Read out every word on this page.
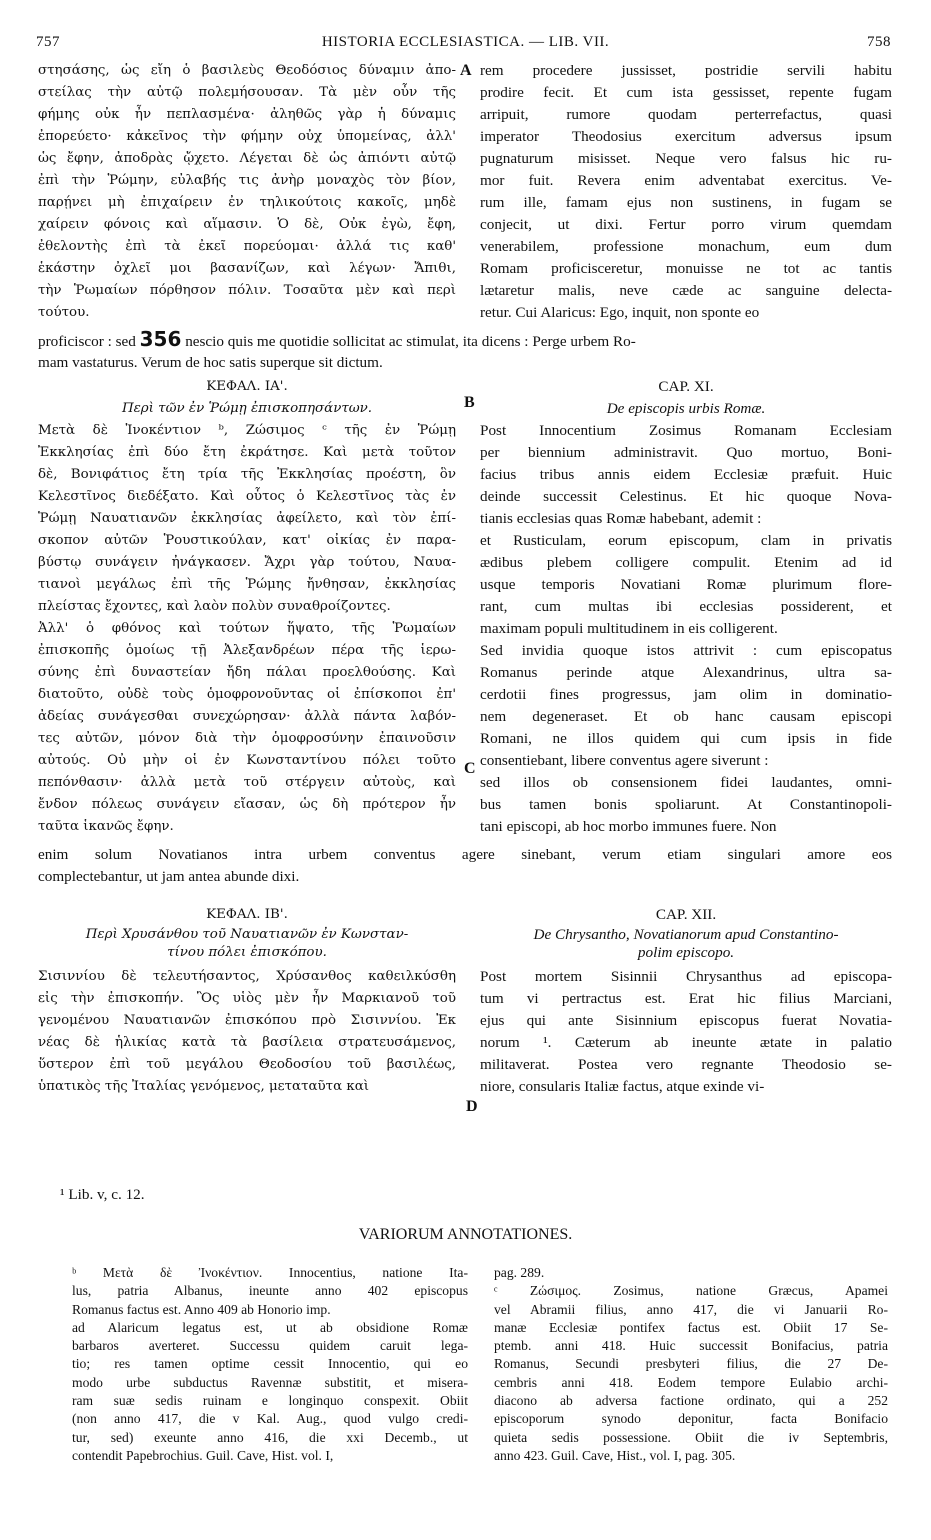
757	HISTORIA ECCLESIASTICA. — LIB. VII.	758
στησάσης, ὡς εἴη ὁ βασιλεὺς Θεοδόσιος δύναμιν ἀπο-
στείλας τὴν αὐτῷ πολεμήσουσαν. Τὰ μὲν οὖν τῆς
φήμης οὐκ ἦν πεπλασμένα· ἀληθῶς γὰρ ἡ δύναμις
ἐπορεύετο· κἀκεῖνος τὴν φήμην οὐχ ὑπομείνας, ἀλλ'
ὡς ἔφην, ἀποδρὰς ᾤχετο. Λέγεται δὲ ὡς ἀπιόντι αὐτῷ
ἐπὶ τὴν Ῥώμην, εὐλαβής τις ἀνὴρ μοναχὸς τὸν βίον,
παρῄνει μὴ ἐπιχαίρειν ἐν τηλικούτοις κακοῖς, μηδὲ
χαίρειν φόνοις καὶ αἵμασιν. Ὁ δὲ, Οὐκ ἐγὼ, ἔφη,
ἐθελοντὴς ἐπὶ τὰ ἐκεῖ πορεύομαι· ἀλλά τις καθ'
ἑκάστην ὀχλεῖ μοι βασανίζων, καὶ λέγων· Ἄπιθι,
τὴν Ῥωμαίων πόρθησον πόλιν. Τοσαῦτα μὲν καὶ περὶ
τούτου.
A rem procedere jussisset, postridie servili habitu
prodire fecit. Et cum ista gessisset, repente fugam
arripuit, rumore quodam perterrefactus, quasi
imperator Theodosius exercitum adversus ipsum
pugnaturum misisset. Neque vero falsus hic ru-
mor fuit. Revera enim adventabat exercitus. Ve-
rum ille, famam ejus non sustinens, in fugam se
conjecit, ut dixi. Fertur porro virum quemdam
venerabilem, professione monachum, eum dum
Romam proficisceretur, monuisse ne tot ac tantis
lætaretur malis, neve cæde ac sanguine delecta-
retur. Cui Alaricus: Ego, inquit, non sponte eo
proficiscor : sed 356 nescio quis me quotidie sollicitat ac stimulat, ita dicens : Perge urbem Ro-
mam vastaturus. Verum de hoc satis superque sit dictum.
ΚΕΦΑΛ. ΙΑ'.
Περὶ τῶν ἐν Ῥώμῃ ἐπισκοπησάντων.	B
CAP. XI.
De episcopis urbis Romæ.
Μετὰ δὲ Ἰνοκέντιον ᵇ, Ζώσιμος ᶜ τῆς ἐν Ῥώμῃ
Ἐκκλησίας ἐπὶ δύο ἔτη ἐκράτησε. Καὶ μετὰ τοῦτον
δὲ, Βονιφάτιος ἔτη τρία τῆς Ἐκκλησίας προέστη, ὃν
Κελεστῖνος διεδέξατο. Καὶ οὗτος ὁ Κελεστῖνος τὰς ἐν
Ῥώμῃ Ναυατιανῶν ἐκκλησίας ἀφείλετο, καὶ τὸν ἐπί-
σκοπον αὐτῶν Ῥουστικούλαν, κατ' οἰκίας ἐν παρα-
βύστῳ συνάγειν ἠνάγκασεν. Ἄχρι γὰρ τούτου, Ναυα-
τιανοὶ μεγάλως ἐπὶ τῆς Ῥώμης ἤνθησαν, ἐκκλησίας
πλείστας ἔχοντες, καὶ λαὸν πολὺν συναθροίζοντες.
Ἀλλ' ὁ φθόνος καὶ τούτων ἥψατο, τῆς Ῥωμαίων
ἐπισκοπῆς ὁμοίως τῇ Ἀλεξανδρέων πέρα τῆς ἱερω-
σύνης ἐπὶ δυναστείαν ἤδη πάλαι προελθούσης. Καὶ
διατοῦτο, οὐδὲ τοὺς ὁμοφρονοῦντας οἱ ἐπίσκοποι ἐπ'
ἀδείας συνάγεσθαι συνεχώρησαν· ἀλλὰ πάντα λαβόν-
τες αὐτῶν, μόνον διὰ τὴν ὁμοφροσύνην ἐπαινοῦσιν
αὐτούς. Οὐ μὴν οἱ ἐν Κωνσταντίνου πόλει τοῦτο
πεπόνθασιν· ἀλλὰ μετὰ τοῦ στέργειν αὐτοὺς, καὶ
ἔνδον πόλεως συνάγειν εἴασαν, ὡς δὴ πρότερον ἦν
ταῦτα ἱκανῶς ἔφην.
C
Post Innocentium Zosimus Romanam Ecclesiam
per biennium administravit. Quo mortuo, Boni-
facius tribus annis eidem Ecclesiæ præfuit. Huic
deinde successit Celestinus. Et hic quoque Nova-
tianis ecclesias quas Romæ habebant, ademit :
et Rusticulam, eorum episcopum, clam in privatis
ædibus plebem colligere compulit. Etenim ad id
usque temporis Novatiani Romæ plurimum flore-
rant, cum multas ibi ecclesias possiderent, et
maximam populi multitudinem in eis colligerent.
Sed invidia quoque istos attrivit : cum episcopatus
Romanus perinde atque Alexandrinus, ultra sa-
cerdotii fines progressus, jam olim in dominatio-
nem degeneraset. Et ob hanc causam episcopi
Romani, ne illos quidem qui cum ipsis in fide
consentiebant, libere conventus agere siverunt :
sed illos ob consensionem fidei laudantes, omni-
bus tamen bonis spoliarunt. At Constantinopoli-
tani episcopi, ab hoc morbo immunes fuere. Non
enim solum Novatianos intra urbem conventus agere sinebant, verum etiam singulari amore eos
complectebantur, ut jam antea abunde dixi.
ΚΕΦΑΛ. ΙΒ'.
Περὶ Χρυσάνθου τοῦ Ναυατιανῶν ἐν Κωνσταν-
τίνου πόλει ἐπισκόπου.
CAP. XII.
De Chrysantho, Novatianorum apud Constantino-
polim episcopo.
Σισιννίου δὲ τελευτήσαντος, Χρύσανθος καθειλκύσθη
εἰς τὴν ἐπισκοπήν. Ὃς υἱὸς μὲν ἦν Μαρκιανοῦ τοῦ
γενομένου Ναυατιανῶν ἐπισκόπου πρὸ Σισιννίου. Ἐκ
νέας δὲ ἡλικίας κατὰ τὰ βασίλεια στρατευσάμενος,
ὕστερον ἐπὶ τοῦ μεγάλου Θεοδοσίου τοῦ βασιλέως,
ὑπατικὸς τῆς Ἰταλίας γενόμενος, μεταταῦτα καὶ
D
Post mortem Sisinnii Chrysanthus ad episcopa-
tum vi pertractus est. Erat hic filius Marciani,
ejus qui ante Sisinnium episcopus fuerat Novatia-
norum ¹. Cæterum ab ineunte ætate in palatio
militaverat. Postea vero regnante Theodosio se-
niore, consularis Italiæ factus, atque exinde vi-
¹ Lib. v, c. 12.
VARIORUM ANNOTATIONES.
ᵇ Μετὰ δὲ Ἰνοκέντιον. Innocentius, natione Ita-
lus, patria Albanus, ineunte anno 402 episcopus
Romanus factus est. Anno 409 ab Honorio imp.
ad Alaricum legatus est, ut ab obsidione Romæ
barbaros averteret. Successu quidem caruit lega-
tio; res tamen optime cessit Innocentio, qui eo
modo urbe subductus Ravennæ substitit, et misera-
ram suæ sedis ruinam e longinquo conspexit. Obiit
(non anno 417, die v Kal. Aug., quod vulgo credi-
tur, sed) exeunte anno 416, die xxi Decemb., ut
contendit Papebrochius. Guil. Cave, Hist. vol. I,
pag. 289.
ᶜ Ζώσιμος. Zosimus, natione Græcus, Apamei
vel Abramii filius, anno 417, die vi Januarii Ro-
manæ Ecclesiæ pontifex factus est. Obiit 17 Se-
ptemb. anni 418. Huic successit Bonifacius, patria
Romanus, Secundi presbyteri filius, die 27 De-
cembris anni 418. Eodem tempore Eulabio archi-
diacono ab adversa factione ordinato, qui a 252
episcoporum synodo deponitur, facta Bonifacio
quieta sedis possessione. Obiit die iv Septembris,
anno 423. Guil. Cave, Hist., vol. I, pag. 305.
